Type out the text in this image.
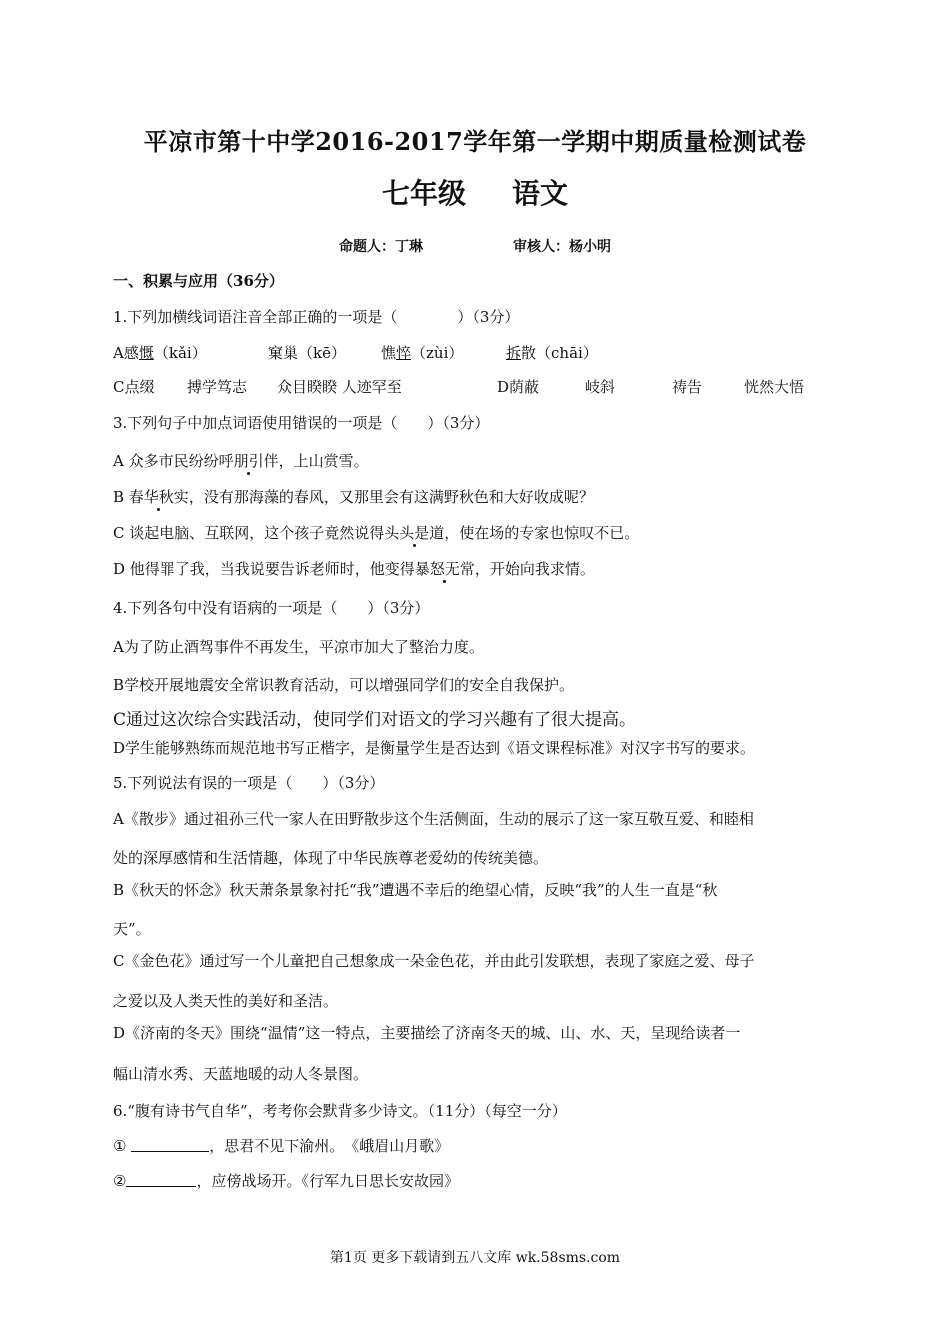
平凉市第十中学2016-2017学年第一学期中期质量检测试卷
七年级 语文
命题人：丁琳	审核人：杨小明
一、积累与应用（36分）
1.下列加横线词语注音全部正确的一项是（　　　　）（3分）
A感慨（kǎi）	窠巢（kē） 憔悴（zùi）	拆散（chāi）
C点缀 搏学笃志 众目睽睽 人迹罕至	D荫蔽	岐斜	祷告	恍然大悟
3.下列句子中加点词语使用错误的一项是（　　）（3分）
A 众多市民纷纷呼朋引伴，上山赏雪。
B 春华秋实，没有那海藻的春风，又那里会有这满野秋色和大好收成呢？
C 谈起电脑、互联网，这个孩子竟然说得头头是道，使在场的专家也惊叹不已。
D 他得罪了我，当我说要告诉老师时，他变得暴怒无常，开始向我求情。
4.下列各句中没有语病的一项是（　　）（3分）
A为了防止酒驾事件不再发生，平凉市加大了整治力度。
B学校开展地震安全常识教育活动，可以增强同学们的安全自我保护。
C通过这次综合实践活动，使同学们对语文的学习兴趣有了很大提高。
D学生能够熟练而规范地书写正楷字，是衡量学生是否达到《语文课程标准》对汉字书写的要求。
5.下列说法有误的一项是（　　）（3分）
A《散步》通过祖孙三代一家人在田野散步这个生活侧面，生动的展示了这一家互敬互爱、和睦相
处的深厚感情和生活情趣，体现了中华民族尊老爱幼的传统美德。
B《秋天的怀念》秋天萧条景象衬托“我”遭遇不幸后的绝望心情，反映“我”的人生一直是“秋
天”。
C《金色花》通过写一个儿童把自己想象成一朵金色花，并由此引发联想，表现了家庭之爱、母子
之爱以及人类天性的美好和圣洁。
D《济南的冬天》围绕“温情”这一特点，主要描绘了济南冬天的城、山、水、天，呈现给读者一
幅山清水秀、天蓝地暖的动人冬景图。
6.“腹有诗书气自华”，考考你会默背多少诗文。（11分）（每空一分）
①	，思君不见下渝州。　《峨眉山月歌》
②	，应傍战场开。《行军九日思长安故园》
第1页 更多下载请到五八文库 wk.58sms.com
